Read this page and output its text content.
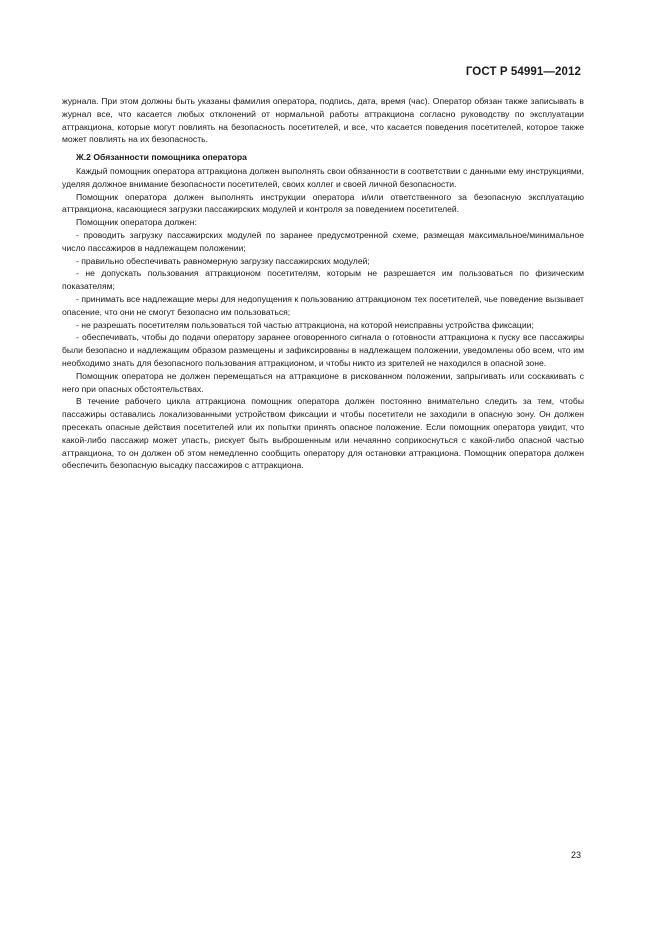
ГОСТ Р 54991—2012

журнала. При этом должны быть указаны фамилия оператора, подпись, дата, время (час). Оператор обязан также записывать в журнал все, что касается любых отклонений от нормальной работы аттракциона согласно руководству по эксплуатации аттракциона, которые могут повлиять на безопасность посетителей, и все, что касается поведения посетителей, которое также может повлиять на их безопасность.

Ж.2 Обязанности помощника оператора

Каждый помощник оператора аттракциона должен выполнять свои обязанности в соответствии с данными ему инструкциями, уделяя должное внимание безопасности посетителей, своих коллег и своей личной безопасности.

Помощник оператора должен выполнять инструкции оператора и/или ответственного за безопасную эксплуатацию аттракциона, касающиеся загрузки пассажирских модулей и контроля за поведением посетителей.

Помощник оператора должен:

- проводить загрузку пассажирских модулей по заранее предусмотренной схеме, размещая максимальное/минимальное число пассажиров в надлежащем положении;

- правильно обеспечивать равномерную загрузку пассажирских модулей;

- не допускать пользования аттракционом посетителям, которым не разрешается им пользоваться по физическим показателям;

- принимать все надлежащие меры для недопущения к пользованию аттракционом тех посетителей, чье поведение вызывает опасение, что они не смогут безопасно им пользоваться;

- не разрешать посетителям пользоваться той частью аттракциона, на которой неисправны устройства фиксации;

- обеспечивать, чтобы до подачи оператору заранее оговоренного сигнала о готовности аттракциона к пуску все пассажиры были безопасно и надлежащим образом размещены и зафиксированы в надлежащем положении, уведомлены обо всем, что им необходимо знать для безопасного пользования аттракционом, и чтобы никто из зрителей не находился в опасной зоне.

Помощник оператора не должен перемещаться на аттракционе в рискованном положении, запрыгивать или соскакивать с него при опасных обстоятельствах.

В течение рабочего цикла аттракциона помощник оператора должен постоянно внимательно следить за тем, чтобы пассажиры оставались локализованными устройством фиксации и чтобы посетители не заходили в опасную зону. Он должен пресекать опасные действия посетителей или их попытки принять опасное положение. Если помощник оператора увидит, что какой-либо пассажир может упасть, рискует быть выброшенным или нечаянно соприкоснуться с какой-либо опасной частью аттракциона, то он должен об этом немедленно сообщить оператору для остановки аттракциона. Помощник оператора должен обеспечить безопасную высадку пассажиров с аттракциона.

23
